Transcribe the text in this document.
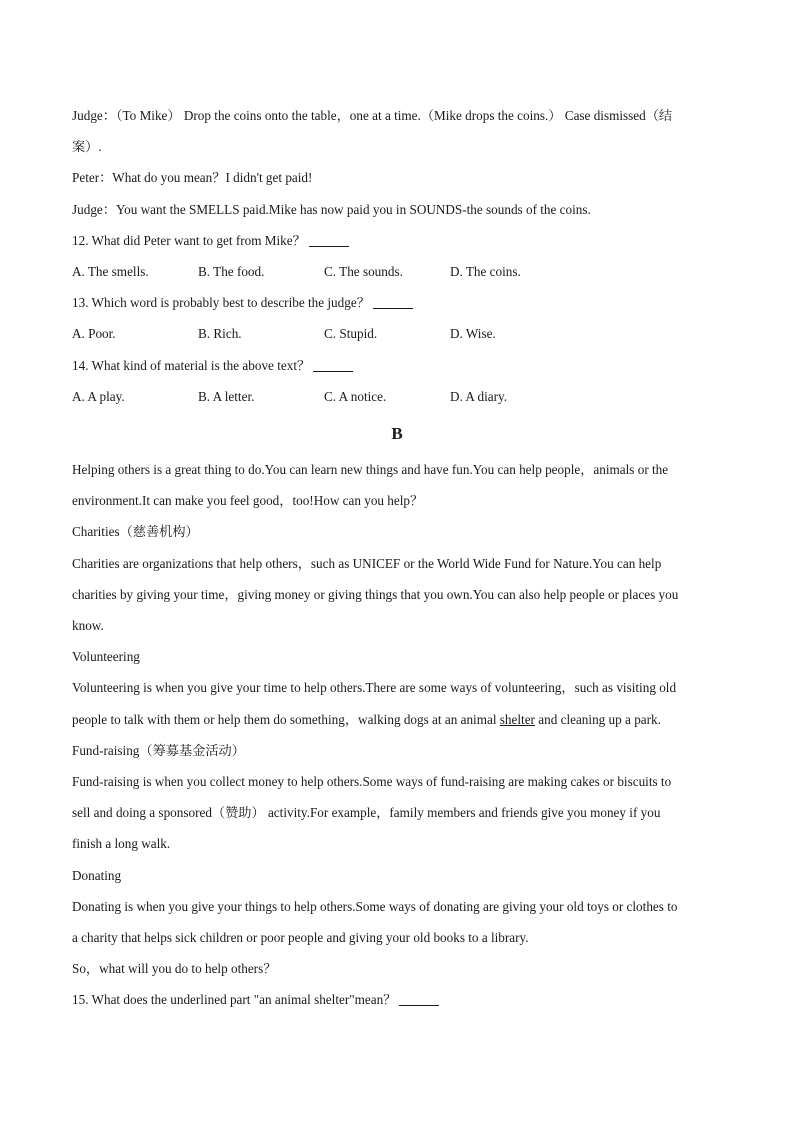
Judge：（To Mike） Drop the coins onto the table，one at a time.（Mike drops the coins.） Case dismissed（结

案）.

Peter：What do you mean？I didn't get paid!

Judge：You want the SMELLS paid.Mike has now paid you in SOUNDS-the sounds of the coins.

12. What did Peter want to get from Mike？

A. The smells.	B. The food.	C. The sounds.	D. The coins.

13. Which word is probably best to describe the judge？

A. Poor.	B. Rich.	C. Stupid.	D. Wise.

14. What kind of material is the above text？

A. A play.	B. A letter.	C. A notice.	D. A diary.
B

Helping others is a great thing to do.You can learn new things and have fun.You can help people，animals or the

environment.It can make you feel good，too!How can you help？

Charities（慈善机构）

Charities are organizations that help others，such as UNICEF or the World Wide Fund for Nature.You can help

charities by giving your time，giving money or giving things that you own.You can also help people or places you

know.

Volunteering

Volunteering is when you give your time to help others.There are some ways of volunteering，such as visiting old

people to talk with them or help them do something，walking dogs at an animal shelter and cleaning up a park.

Fund-raising（筹募基金活动）

Fund-raising is when you collect money to help others.Some ways of fund-raising are making cakes or biscuits to

sell and doing a sponsored（赞助） activity.For example，family members and friends give you money if you

finish a long walk.

Donating

Donating is when you give your things to help others.Some ways of donating are giving your old toys or clothes to

a charity that helps sick children or poor people and giving your old books to a library.

So，what will you do to help others？

15. What does the underlined part "an animal shelter"mean？
